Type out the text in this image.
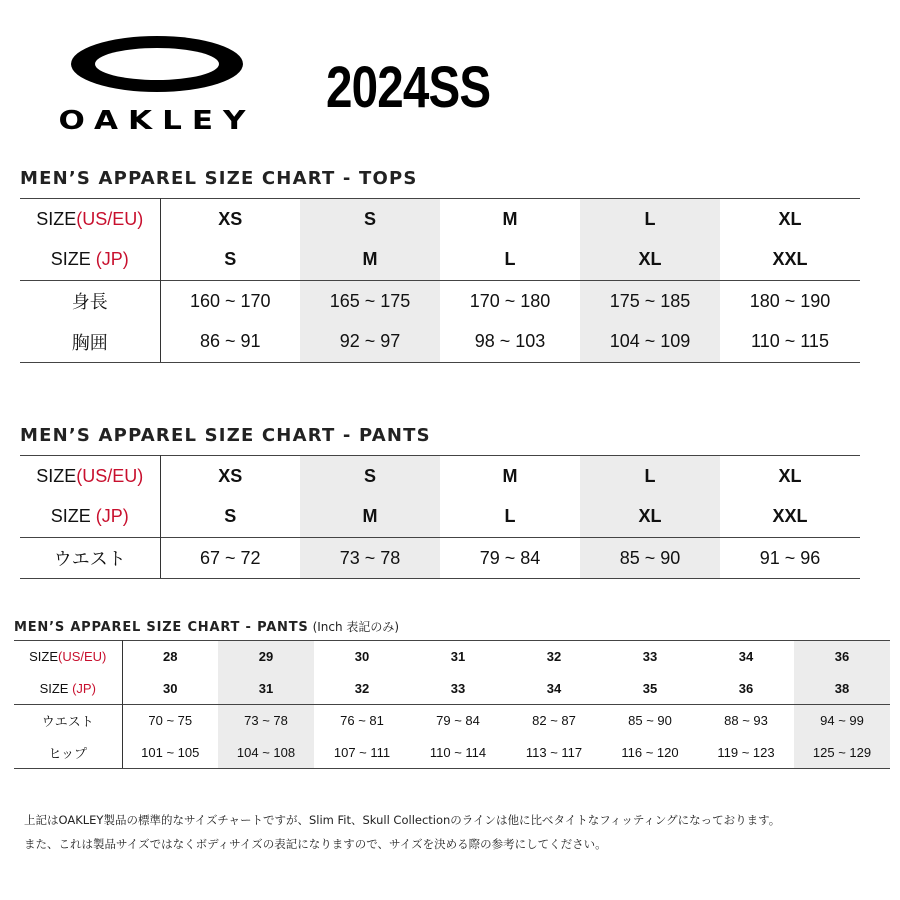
OAKLEY
2024SS
MEN’S APPAREL SIZE CHART - TOPS
SIZE(US/EU)	XS	S	M	L	XL
SIZE (JP)	S	M	L	XL	XXL
身長	160 ~ 170	165 ~ 175	170 ~ 180	175 ~ 185	180 ~ 190
胸囲	86 ~ 91	92 ~ 97	98 ~ 103	104 ~ 109	110 ~ 115
MEN’S APPAREL SIZE CHART - PANTS
SIZE(US/EU)	XS	S	M	L	XL
SIZE (JP)	S	M	L	XL	XXL
ウエスト	67 ~ 72	73 ~ 78	79 ~ 84	85 ~ 90	91 ~ 96
MEN’S APPAREL SIZE CHART - PANTS (Inch 表記のみ)
SIZE(US/EU)	28	29	30	31	32	33	34	36
SIZE (JP)	30	31	32	33	34	35	36	38
ウエスト	70 ~ 75	73 ~ 78	76 ~ 81	79 ~ 84	82 ~ 87	85 ~ 90	88 ~ 93	94 ~ 99
ヒップ	101 ~ 105	104 ~ 108	107 ~ 111	110 ~ 114	113 ~ 117	116 ~ 120	119 ~ 123	125 ~ 129
上記はOAKLEY製品の標準的なサイズチャートですが、Slim Fit、Skull Collectionのラインは他に比べタイトなフィッティングになっております。
また、これは製品サイズではなくボディサイズの表記になりますので、サイズを決める際の参考にしてください。
